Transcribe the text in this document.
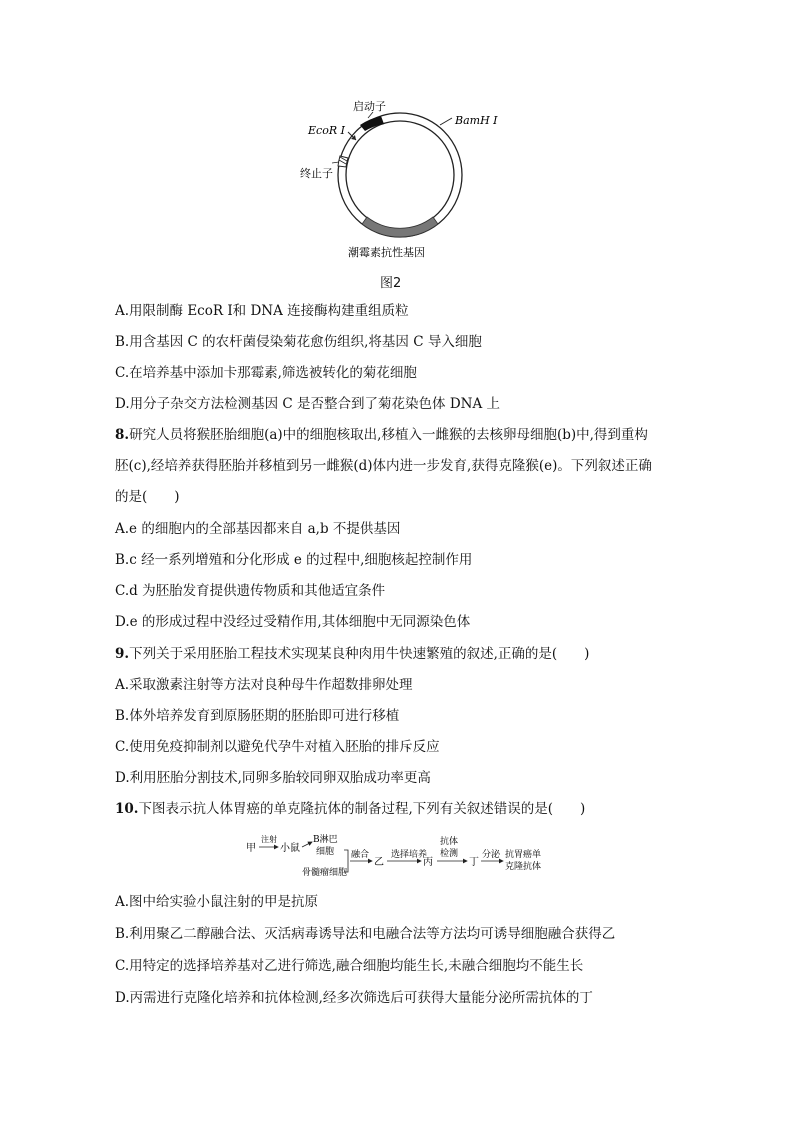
启动子
EcoR Ⅰ
BamH Ⅰ
终止子
潮霉素抗性基因
图2
A.用限制酶 EcoR Ⅰ和 DNA 连接酶构建重组质粒
B.用含基因 C 的农杆菌侵染菊花愈伤组织,将基因 C 导入细胞
C.在培养基中添加卡那霉素,筛选被转化的菊花细胞
D.用分子杂交方法检测基因 C 是否整合到了菊花染色体 DNA 上
8.研究人员将猴胚胎细胞(a)中的细胞核取出,移植入一雌猴的去核卵母细胞(b)中,得到重构
胚(c),经培养获得胚胎并移植到另一雌猴(d)体内进一步发育,获得克隆猴(e)。下列叙述正确
的是(　　)
A.e 的细胞内的全部基因都来自 a,b 不提供基因
B.c 经一系列增殖和分化形成 e 的过程中,细胞核起控制作用
C.d 为胚胎发育提供遗传物质和其他适宜条件
D.e 的形成过程中没经过受精作用,其体细胞中无同源染色体
9.下列关于采用胚胎工程技术实现某良种肉用牛快速繁殖的叙述,正确的是(　　)
A.采取激素注射等方法对良种母牛作超数排卵处理
B.体外培养发育到原肠胚期的胚胎即可进行移植
C.使用免疫抑制剂以避免代孕牛对植入胚胎的排斥反应
D.利用胚胎分割技术,同卵多胎较同卵双胎成功率更高
10.下图表示抗人体胃癌的单克隆抗体的制备过程,下列有关叙述错误的是(　　)
甲
注射
小鼠
B淋巴
细胞
骨髓瘤细胞
融合
乙
选择培养
丙
抗体
检测
丁
分泌 抗胃癌单
克隆抗体
A.图中给实验小鼠注射的甲是抗原
B.利用聚乙二醇融合法、灭活病毒诱导法和电融合法等方法均可诱导细胞融合获得乙
C.用特定的选择培养基对乙进行筛选,融合细胞均能生长,未融合细胞均不能生长
D.丙需进行克隆化培养和抗体检测,经多次筛选后可获得大量能分泌所需抗体的丁
